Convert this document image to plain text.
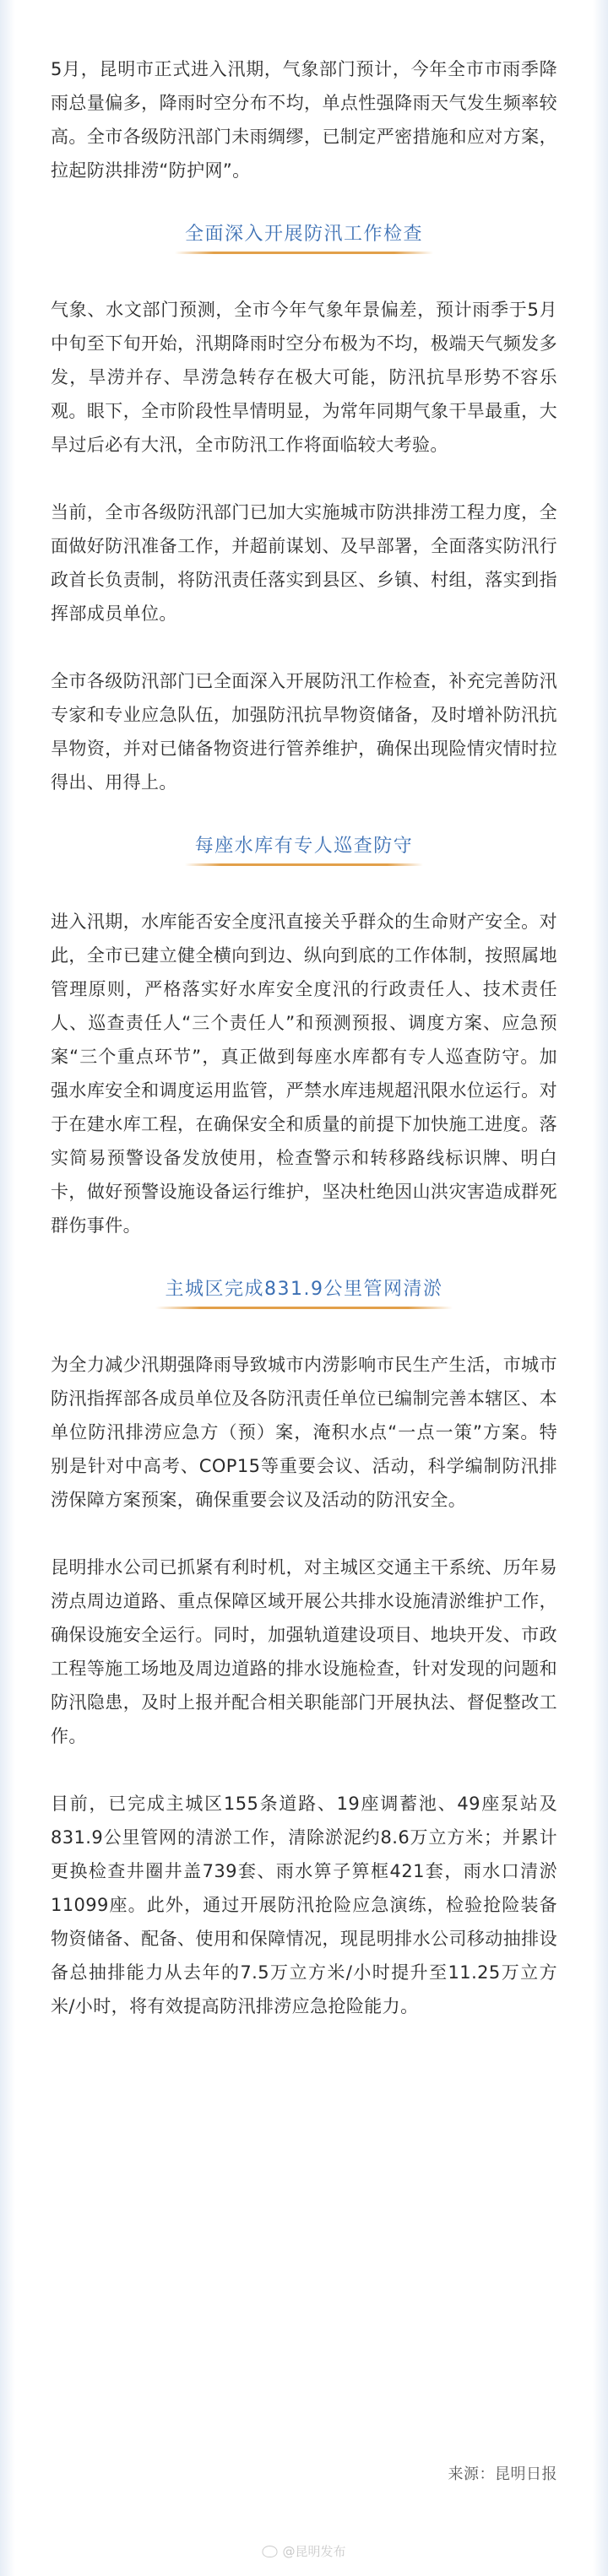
5月，昆明市正式进入汛期，气象部门预计，今年全市市雨季降雨总量偏多，降雨时空分布不均，单点性强降雨天气发生频率较高。全市各级防汛部门未雨绸缪，已制定严密措施和应对方案，拉起防洪排涝“防护网”。

全面深入开展防汛工作检查

气象、水文部门预测，全市今年气象年景偏差，预计雨季于5月中旬至下旬开始，汛期降雨时空分布极为不均，极端天气频发多发，旱涝并存、旱涝急转存在极大可能，防汛抗旱形势不容乐观。眼下，全市阶段性旱情明显，为常年同期气象干旱最重，大旱过后必有大汛，全市防汛工作将面临较大考验。

当前，全市各级防汛部门已加大实施城市防洪排涝工程力度，全面做好防汛准备工作，并超前谋划、及早部署，全面落实防汛行政首长负责制，将防汛责任落实到县区、乡镇、村组，落实到指挥部成员单位。

全市各级防汛部门已全面深入开展防汛工作检查，补充完善防汛专家和专业应急队伍，加强防汛抗旱物资储备，及时增补防汛抗旱物资，并对已储备物资进行管养维护，确保出现险情灾情时拉得出、用得上。

每座水库有专人巡查防守

进入汛期，水库能否安全度汛直接关乎群众的生命财产安全。对此，全市已建立健全横向到边、纵向到底的工作体制，按照属地管理原则，严格落实好水库安全度汛的行政责任人、技术责任人、巡查责任人“三个责任人”和预测预报、调度方案、应急预案“三个重点环节”，真正做到每座水库都有专人巡查防守。加强水库安全和调度运用监管，严禁水库违规超汛限水位运行。对于在建水库工程，在确保安全和质量的前提下加快施工进度。落实简易预警设备发放使用，检查警示和转移路线标识牌、明白卡，做好预警设施设备运行维护，坚决杜绝因山洪灾害造成群死群伤事件。

主城区完成831.9公里管网清淤

为全力减少汛期强降雨导致城市内涝影响市民生产生活，市城市防汛指挥部各成员单位及各防汛责任单位已编制完善本辖区、本单位防汛排涝应急方（预）案，淹积水点“一点一策”方案。特别是针对中高考、COP15等重要会议、活动，科学编制防汛排涝保障方案预案，确保重要会议及活动的防汛安全。

昆明排水公司已抓紧有利时机，对主城区交通主干系统、历年易涝点周边道路、重点保障区域开展公共排水设施清淤维护工作，确保设施安全运行。同时，加强轨道建设项目、地块开发、市政工程等施工场地及周边道路的排水设施检查，针对发现的问题和防汛隐患，及时上报并配合相关职能部门开展执法、督促整改工作。

目前，已完成主城区155条道路、19座调蓄池、49座泵站及831.9公里管网的清淤工作，清除淤泥约8.6万立方米；并累计更换检查井圈井盖739套、雨水箅子箅框421套，雨水口清淤11099座。此外，通过开展防汛抢险应急演练，检验抢险装备物资储备、配备、使用和保障情况，现昆明排水公司移动抽排设备总抽排能力从去年的7.5万立方米/小时提升至11.25万立方米/小时，将有效提高防汛排涝应急抢险能力。

来源：昆明日报
@昆明发布
